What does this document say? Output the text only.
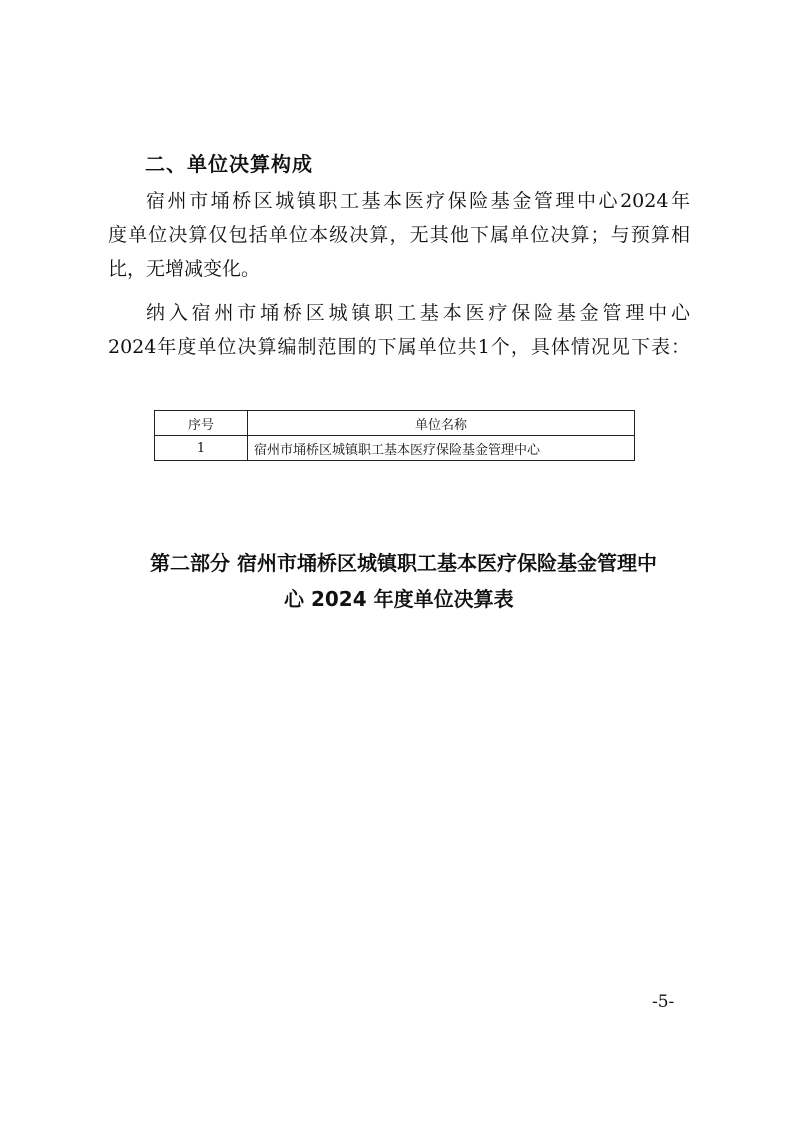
二、单位决算构成

宿州市埇桥区城镇职工基本医疗保险基金管理中心2024年
度单位决算仅包括单位本级决算，无其他下属单位决算；与预算相
比，无增减变化。

纳入宿州市埇桥区城镇职工基本医疗保险基金管理中心
2024年度单位决算编制范围的下属单位共1个，具体情况见下表：

序号	单位名称
1	宿州市埇桥区城镇职工基本医疗保险基金管理中心
第二部分 宿州市埇桥区城镇职工基本医疗保险基金管理中
心 2024 年度单位决算表
-5-
